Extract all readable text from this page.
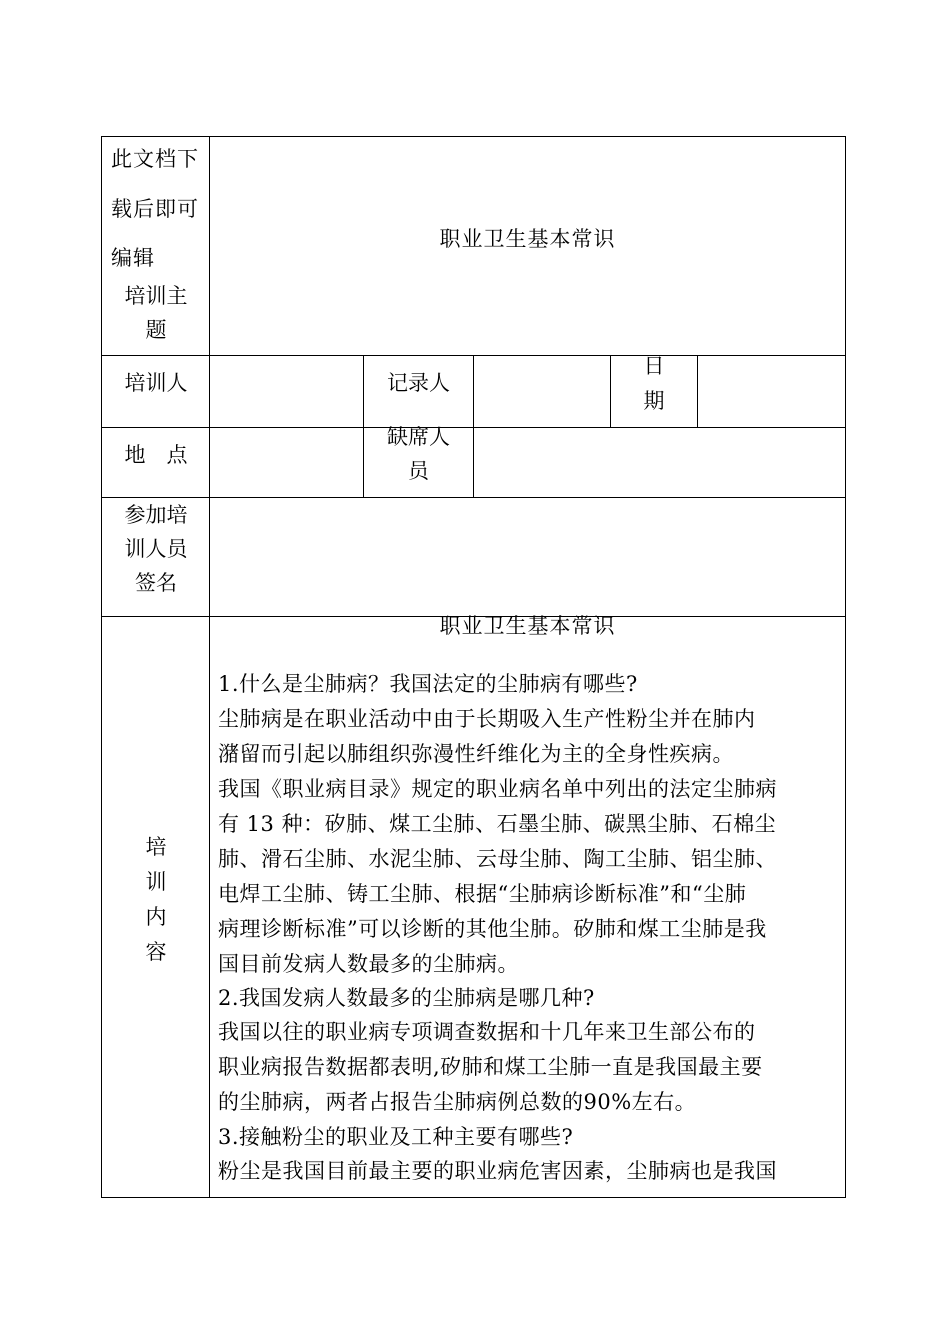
此文档下
载后即可
编辑
培训主
题
职业卫生基本常识
培训人	记录人
日
期
地　点
缺席人
员
参加培
训人员
签名
培
训
内
容
职业卫生基本常识
1.什么是尘肺病？我国法定的尘肺病有哪些?
尘肺病是在职业活动中由于长期吸入生产性粉尘并在肺内
潴留而引起以肺组织弥漫性纤维化为主的全身性疾病。
我国《职业病目录》规定的职业病名单中列出的法定尘肺病
有 13 种：矽肺、煤工尘肺、石墨尘肺、碳黑尘肺、石棉尘
肺、滑石尘肺、水泥尘肺、云母尘肺、陶工尘肺、铝尘肺、
电焊工尘肺、铸工尘肺、根据“尘肺病诊断标准”和“尘肺
病理诊断标准”可以诊断的其他尘肺。矽肺和煤工尘肺是我
国目前发病人数最多的尘肺病。
2.我国发病人数最多的尘肺病是哪几种?
我国以往的职业病专项调查数据和十几年来卫生部公布的
职业病报告数据都表明,矽肺和煤工尘肺一直是我国最主要
的尘肺病，两者占报告尘肺病例总数的90%左右。
3.接触粉尘的职业及工种主要有哪些?
粉尘是我国目前最主要的职业病危害因素，尘肺病也是我国
